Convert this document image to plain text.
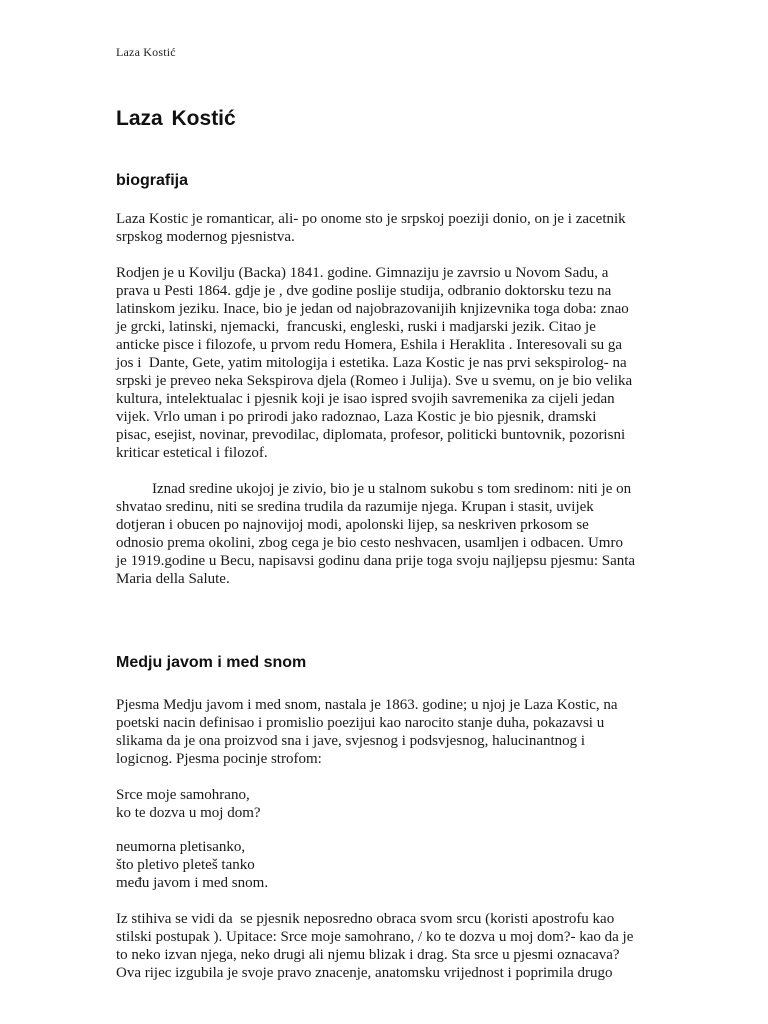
Laza Kostić
Laza Kostić
biografija

Laza Kostic je romanticar, ali- po onome sto je srpskoj poeziji donio, on je i zacetnik
srpskog modernog pjesnistva.

Rodjen je u Kovilju (Backa) 1841. godine. Gimnaziju je zavrsio u Novom Sadu, a
prava u Pesti 1864. gdje je , dve godine poslije studija, odbranio doktorsku tezu na
latinskom jeziku. Inace, bio je jedan od najobrazovanijih knjizevnika toga doba: znao
je grcki, latinski, njemacki,  francuski, engleski, ruski i madjarski jezik. Citao je
anticke pisce i filozofe, u prvom redu Homera, Eshila i Heraklita . Interesovali su ga
jos i  Dante, Gete, yatim mitologija i estetika. Laza Kostic je nas prvi sekspirolog- na
srpski je preveo neka Sekspirova djela (Romeo i Julija). Sve u svemu, on je bio velika
kultura, intelektualac i pjesnik koji je isao ispred svojih savremenika za cijeli jedan
vijek. Vrlo uman i po prirodi jako radoznao, Laza Kostic je bio pjesnik, dramski
pisac, esejist, novinar, prevodilac, diplomata, profesor, politicki buntovnik, pozorisni
kriticar estetical i filozof.

Iznad sredine ukojoj je zivio, bio je u stalnom sukobu s tom sredinom: niti je on
shvatao sredinu, niti se sredina trudila da razumije njega. Krupan i stasit, uvijek
dotjeran i obucen po najnovijoj modi, apolonski lijep, sa neskriven prkosom se
odnosio prema okolini, zbog cega je bio cesto neshvacen, usamljen i odbacen. Umro
je 1919.godine u Becu, napisavsi godinu dana prije toga svoju najljepsu pjesmu: Santa
Maria della Salute.

Medju javom i med snom

Pjesma Medju javom i med snom, nastala je 1863. godine; u njoj je Laza Kostic, na
poetski nacin definisao i promislio poezijui kao narocito stanje duha, pokazavsi u
slikama da je ona proizvod sna i jave, svjesnog i podsvjesnog, halucinantnog i
logicnog. Pjesma pocinje strofom:

Srce moje samohrano,
ko te dozva u moj dom?

neumorna pletisanko,
što pletivo pleteš tanko
među javom i med snom.

Iz stihiva se vidi da  se pjesnik neposredno obraca svom srcu (koristi apostrofu kao
stilski postupak ). Upitace: Srce moje samohrano, / ko te dozva u moj dom?- kao da je
to neko izvan njega, neko drugi ali njemu blizak i drag. Sta srce u pjesmi oznacava?
Ova rijec izgubila je svoje pravo znacenje, anatomsku vrijednost i poprimila drugo
